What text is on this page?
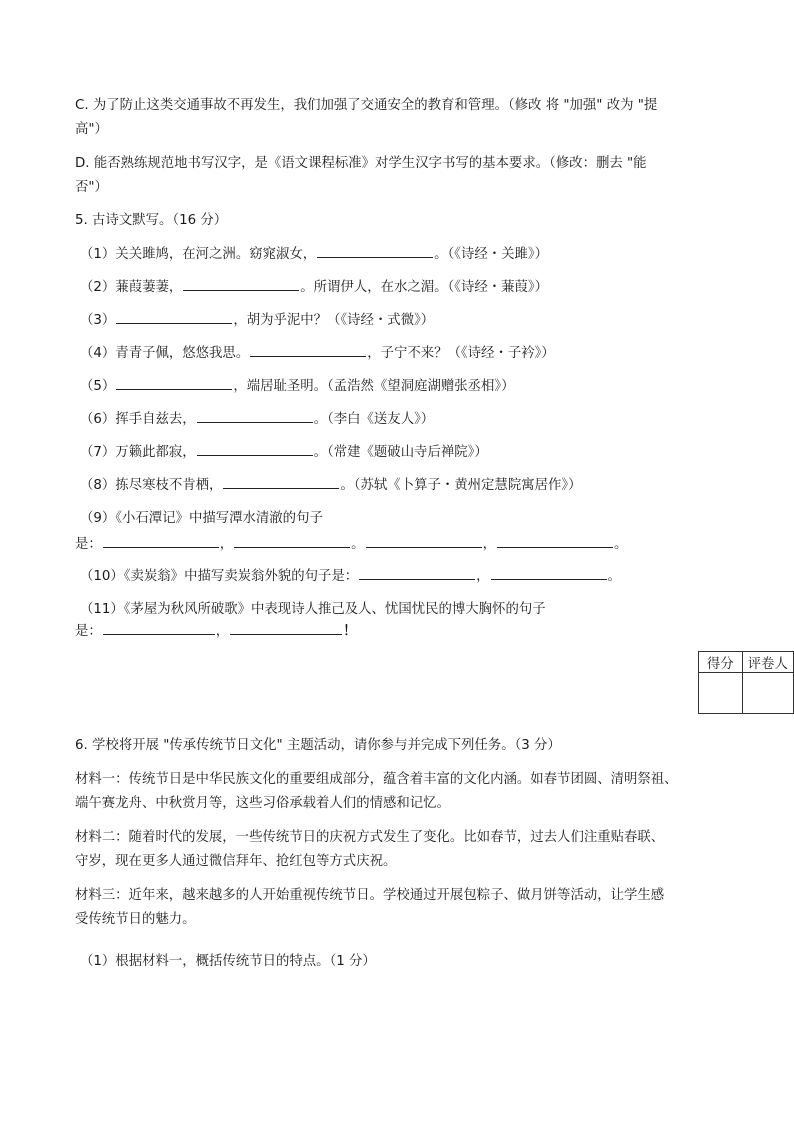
C. 为了防止这类交通事故不再发生，我们加强了交通安全的教育和管理。（修改 将 "加强" 改为 "提
高"）
D. 能否熟练规范地书写汉字，是《语文课程标准》对学生汉字书写的基本要求。（修改：删去 "能
否"）
5. 古诗文默写。（16 分）
（1）关关雎鸠，在河之洲。窈窕淑女，	。（《诗经・关雎》）
（2）蒹葭萋萋，	。所谓伊人，在水之湄。（《诗经・蒹葭》）
（3）	，胡为乎泥中？（《诗经・式微》）
（4）青青子佩，悠悠我思。	，子宁不来？（《诗经・子衿》）
（5）	，端居耻圣明。（孟浩然《望洞庭湖赠张丞相》）
（6）挥手自兹去，	。（李白《送友人》）
（7）万籁此都寂，	。（常建《题破山寺后禅院》）
（8）拣尽寒枝不肯栖，	。（苏轼《卜算子・黄州定慧院寓居作》）
（9）《小石潭记》中描写潭水清澈的句子
是：	，	。	，	。
（10）《卖炭翁》中描写卖炭翁外貌的句子是：	，	。
（11）《茅屋为秋风所破歌》中表现诗人推己及人、忧国忧民的博大胸怀的句子
是：	，	！
得分	评卷人

6. 学校将开展 "传承传统节日文化" 主题活动，请你参与并完成下列任务。（3 分）
材料一：传统节日是中华民族文化的重要组成部分，蕴含着丰富的文化内涵。如春节团圆、清明祭祖、
端午赛龙舟、中秋赏月等，这些习俗承载着人们的情感和记忆。
材料二：随着时代的发展，一些传统节日的庆祝方式发生了变化。比如春节，过去人们注重贴春联、
守岁，现在更多人通过微信拜年、抢红包等方式庆祝。
材料三：近年来，越来越多的人开始重视传统节日。学校通过开展包粽子、做月饼等活动，让学生感
受传统节日的魅力。
（1）根据材料一，概括传统节日的特点。（1 分）
